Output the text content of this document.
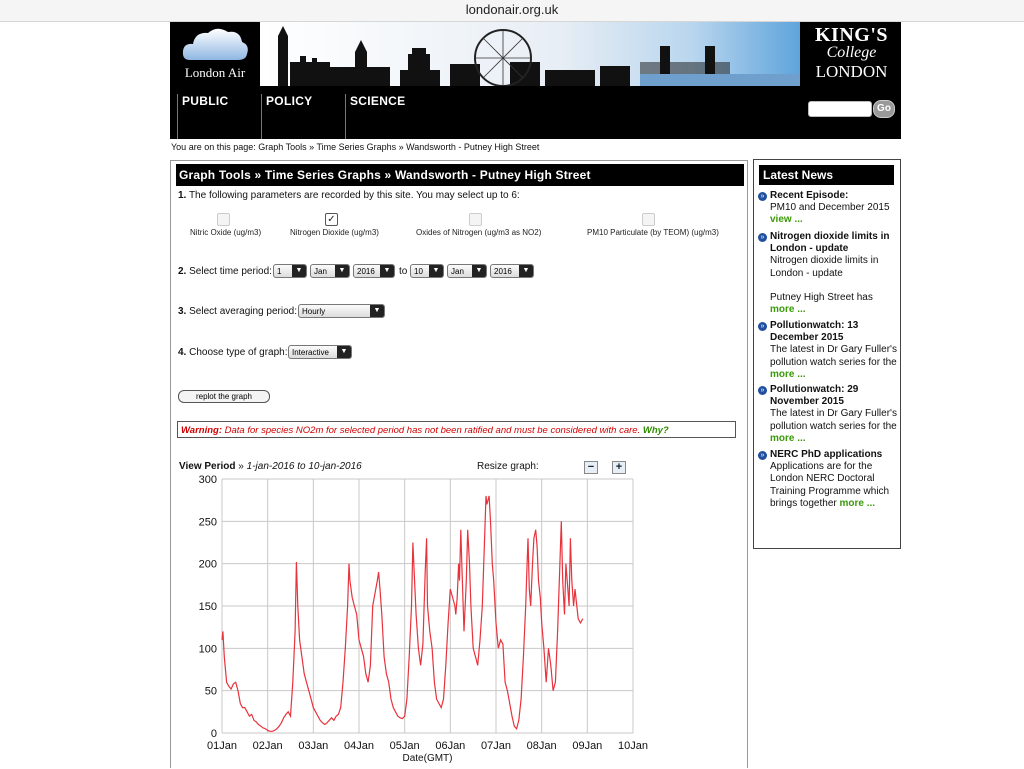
londonair.org.uk
London Air
KING'S
College
LONDON
PUBLIC	POLICY	SCIENCE
Go
You are on this page: Graph Tools » Time Series Graphs » Wandsworth - Putney High Street
Graph Tools » Time Series Graphs » Wandsworth - Putney High Street
1. The following parameters are recorded by this site. You may select up to 6:
Nitric Oxide (ug/m3)
✓
Nitrogen Dioxide (ug/m3)	Oxides of Nitrogen (ug/m3 as NO2)	PM10 Particulate (by TEOM) (ug/m3)
2. Select time period: 1	▼	Jan	▼	2016	▼ to 10	▼	Jan	▼	2016	▼
3. Select averaging period: Hourly	▼
4. Choose type of graph: Interactive	▼
replot the graph
Warning: Data for species NO2m for selected period has not been ratified and must be considered with care. Why?
View Period » 1-jan-2016 to 10-jan-2016	Resize graph:	−	+
0
50
100
150
200
250
300
01Jan 02Jan 03Jan 04Jan 05Jan 06Jan 07Jan 08Jan 09Jan 10Jan
Date(GMT)
Latest News
» Recent Episode:
PM10 and December 2015
view ...
» Nitrogen dioxide limits in London - update
Nitrogen dioxide limits in London - update

Putney High Street has
more ...
» Pollutionwatch: 13 December 2015
The latest in Dr Gary Fuller's pollution watch series for the more ...
» Pollutionwatch: 29 November 2015
The latest in Dr Gary Fuller's pollution watch series for the more ...
» NERC PhD applications
Applications are for the London NERC Doctoral Training Programme which brings together more ...
